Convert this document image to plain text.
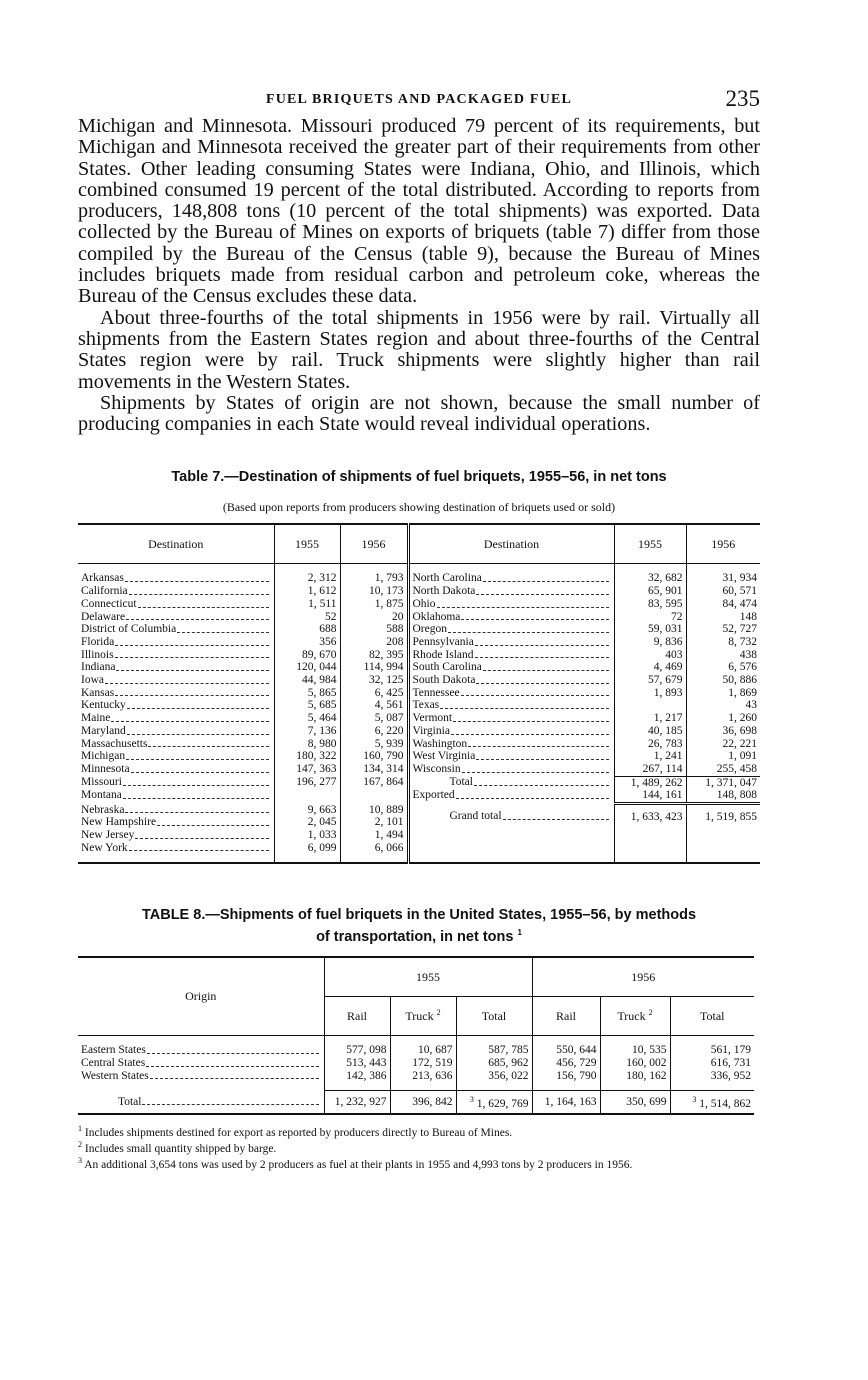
FUEL BRIQUETS AND PACKAGED FUEL	235

Michigan and Minnesota. Missouri produced 79 percent of its requirements, but Michigan and Minnesota received the greater part of their requirements from other States. Other leading consuming States were Indiana, Ohio, and Illinois, which combined consumed 19 percent of the total distributed. According to reports from producers, 148,808 tons (10 percent of the total shipments) was exported. Data collected by the Bureau of Mines on exports of briquets (table 7) differ from those compiled by the Bureau of the Census (table 9), because the Bureau of Mines includes briquets made from residual carbon and petroleum coke, whereas the Bureau of the Census excludes these data.

About three-fourths of the total shipments in 1956 were by rail. Virtually all shipments from the Eastern States region and about three-fourths of the Central States region were by rail. Truck shipments were slightly higher than rail movements in the Western States.

Shipments by States of origin are not shown, because the small number of producing companies in each State would reveal individual operations.

Table 7.—Destination of shipments of fuel briquets, 1955–56, in net tons
(Based upon reports from producers showing destination of briquets used or sold)
Destination	1955	1956	Destination	1955	1956

Arkansas	2, 312	1, 793	North Carolina	32, 682	31, 934

California	1, 612	10, 173	North Dakota	65, 901	60, 571

Connecticut	1, 511	1, 875	Ohio	83, 595	84, 474

Delaware	52	20	Oklahoma	72	148

District of Columbia	688	588	Oregon	59, 031	52, 727

Florida	356	208	Pennsylvania	9, 836	8, 732

Illinois	89, 670	82, 395	Rhode Island	403	438

Indiana	120, 044	114, 994	South Carolina	4, 469	6, 576

Iowa	44, 984	32, 125	South Dakota	57, 679	50, 886

Kansas	5, 865	6, 425	Tennessee	1, 893	1, 869

Kentucky	5, 685	4, 561	Texas		43

Maine	5, 464	5, 087	Vermont	1, 217	1, 260

Maryland	7, 136	6, 220	Virginia	40, 185	36, 698

Massachusetts	8, 980	5, 939	Washington	26, 783	22, 221

Michigan	180, 322	160, 790	West Virginia	1, 241	1, 091

Minnesota	147, 363	134, 314	Wisconsin	267, 114	255, 458

Missouri	196, 277	167, 864	Total	1, 489, 262	1, 371, 047

Montana			Exported	144, 161	148, 808

Nebraska	9, 663	10, 889	Grand total	1, 633, 423	1, 519, 855

New Hampshire	2, 045	2, 101			

New Jersey	1, 033	1, 494			

New York	6, 099	6, 066			

TABLE 8.—Shipments of fuel briquets in the United States, 1955–56, by methods
of transportation, in net tons $^1$
Origin	1955			1956		
	Rail	Truck $^2$	Total	Rail	Truck $^2$	Total

Eastern States	577, 098	10, 687	587, 785	550, 644	10, 535	561, 179

Central States	513, 443	172, 519	685, 962	456, 729	160, 002	616, 731

Western States	142, 386	213, 636	356, 022	156, 790	180, 162	336, 952

Total	1, 232, 927	396, 842	$^3$ 1, 629, 769	1, 164, 163	350, 699	$^3$ 1, 514, 862
$^1$ Includes shipments destined for export as reported by producers directly to Bureau of Mines.
$^2$ Includes small quantity shipped by barge.
$^3$ An additional 3,654 tons was used by 2 producers as fuel at their plants in 1955 and 4,993 tons by 2 producers in 1956.
